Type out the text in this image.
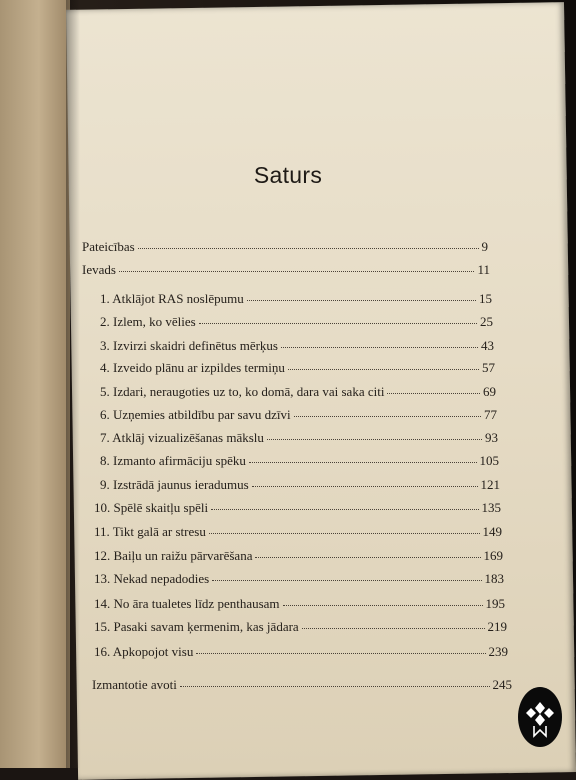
Saturs
Pateicības	9
Ievads	11
1. Atklājot RAS noslēpumu	15
2. Izlem, ko vēlies	25
3. Izvirzi skaidri definētus mērķus	43
4. Izveido plānu ar izpildes termiņu	57
5. Izdari, neraugoties uz to, ko domā, dara vai saka citi	69
6. Uzņemies atbildību par savu dzīvi	77
7. Atklāj vizualizēšanas mākslu	93
8. Izmanto afirmāciju spēku	105
9. Izstrādā jaunus ieradumus	121
10. Spēlē skaitļu spēli	135
11. Tikt galā ar stresu	149
12. Baiļu un raižu pārvarēšana	169
13. Nekad nepadodies	183
14. No āra tualetes līdz penthausam	195
15. Pasaki savam ķermenim, kas jādara	219
16. Apkopojot visu	239
Izmantotie avoti	245
